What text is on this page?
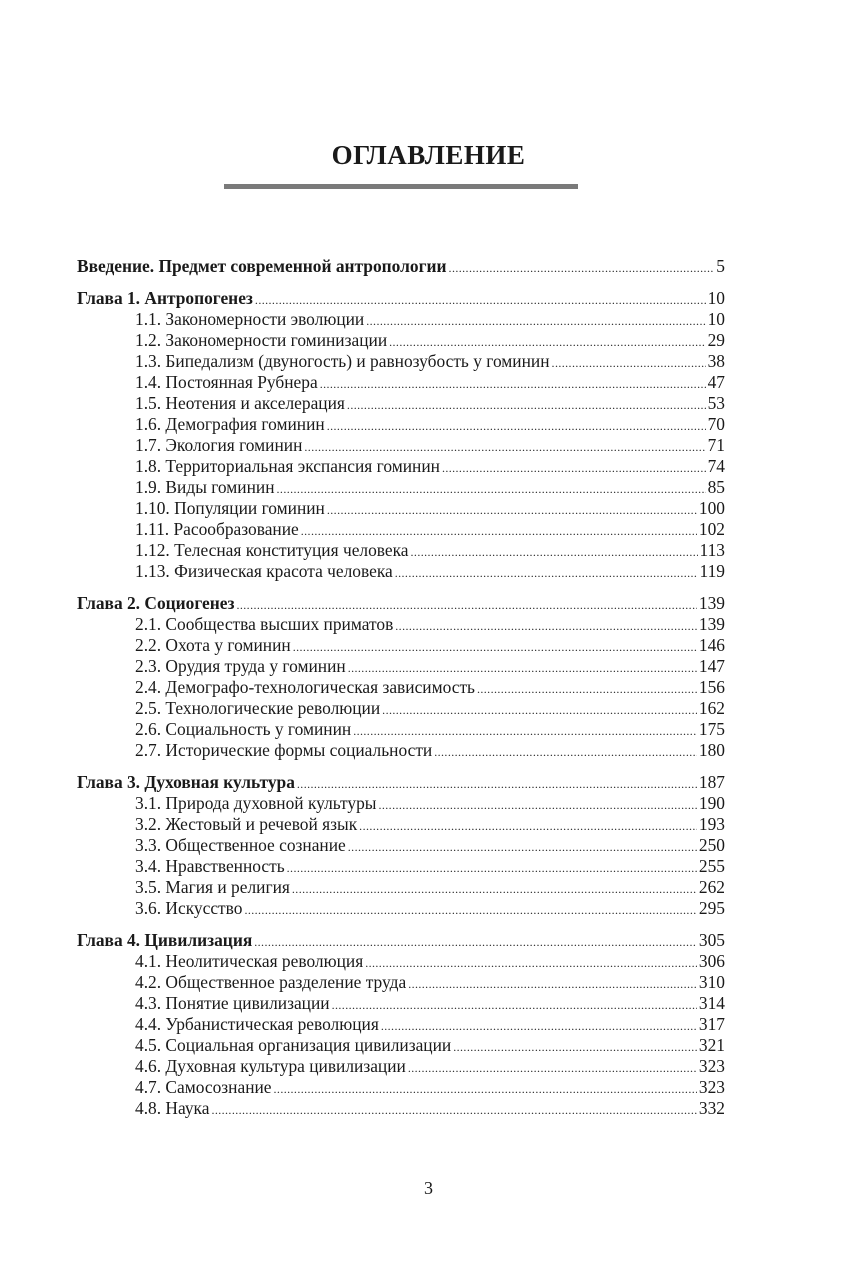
ОГЛАВЛЕНИЕ
Введение. Предмет современной антропологии .....	5
Глава 1. Антропогенез .....	10
1.1. Закономерности эволюции .....	10
1.2. Закономерности гоминизации .....	29
1.3. Бипедализм (двуногость) и равнозубость у гоминин .....	38
1.4. Постоянная Рубнера .....	47
1.5. Неотения и акселерация .....	53
1.6. Демография гоминин .....	70
1.7. Экология гоминин .....	71
1.8. Территориальная экспансия гоминин .....	74
1.9. Виды гоминин .....	85
1.10. Популяции гоминин .....	100
1.11. Расообразование .....	102
1.12. Телесная конституция человека .....	113
1.13. Физическая красота человека .....	119
Глава 2. Социогенез .....	139
2.1. Сообщества высших приматов .....	139
2.2. Охота у гоминин .....	146
2.3. Орудия труда у гоминин .....	147
2.4. Демографо-технологическая зависимость .....	156
2.5. Технологические революции .....	162
2.6. Социальность у гоминин .....	175
2.7. Исторические формы социальности .....	180
Глава 3. Духовная культура .....	187
3.1. Природа духовной культуры .....	190
3.2. Жестовый и речевой язык .....	193
3.3. Общественное сознание .....	250
3.4. Нравственность .....	255
3.5. Магия и религия .....	262
3.6. Искусство .....	295
Глава 4. Цивилизация .....	305
4.1. Неолитическая революция .....	306
4.2. Общественное разделение труда .....	310
4.3. Понятие цивилизации .....	314
4.4. Урбанистическая революция .....	317
4.5. Социальная организация цивилизации .....	321
4.6. Духовная культура цивилизации .....	323
4.7. Самосознание .....	323
4.8. Наука .....	332
3
